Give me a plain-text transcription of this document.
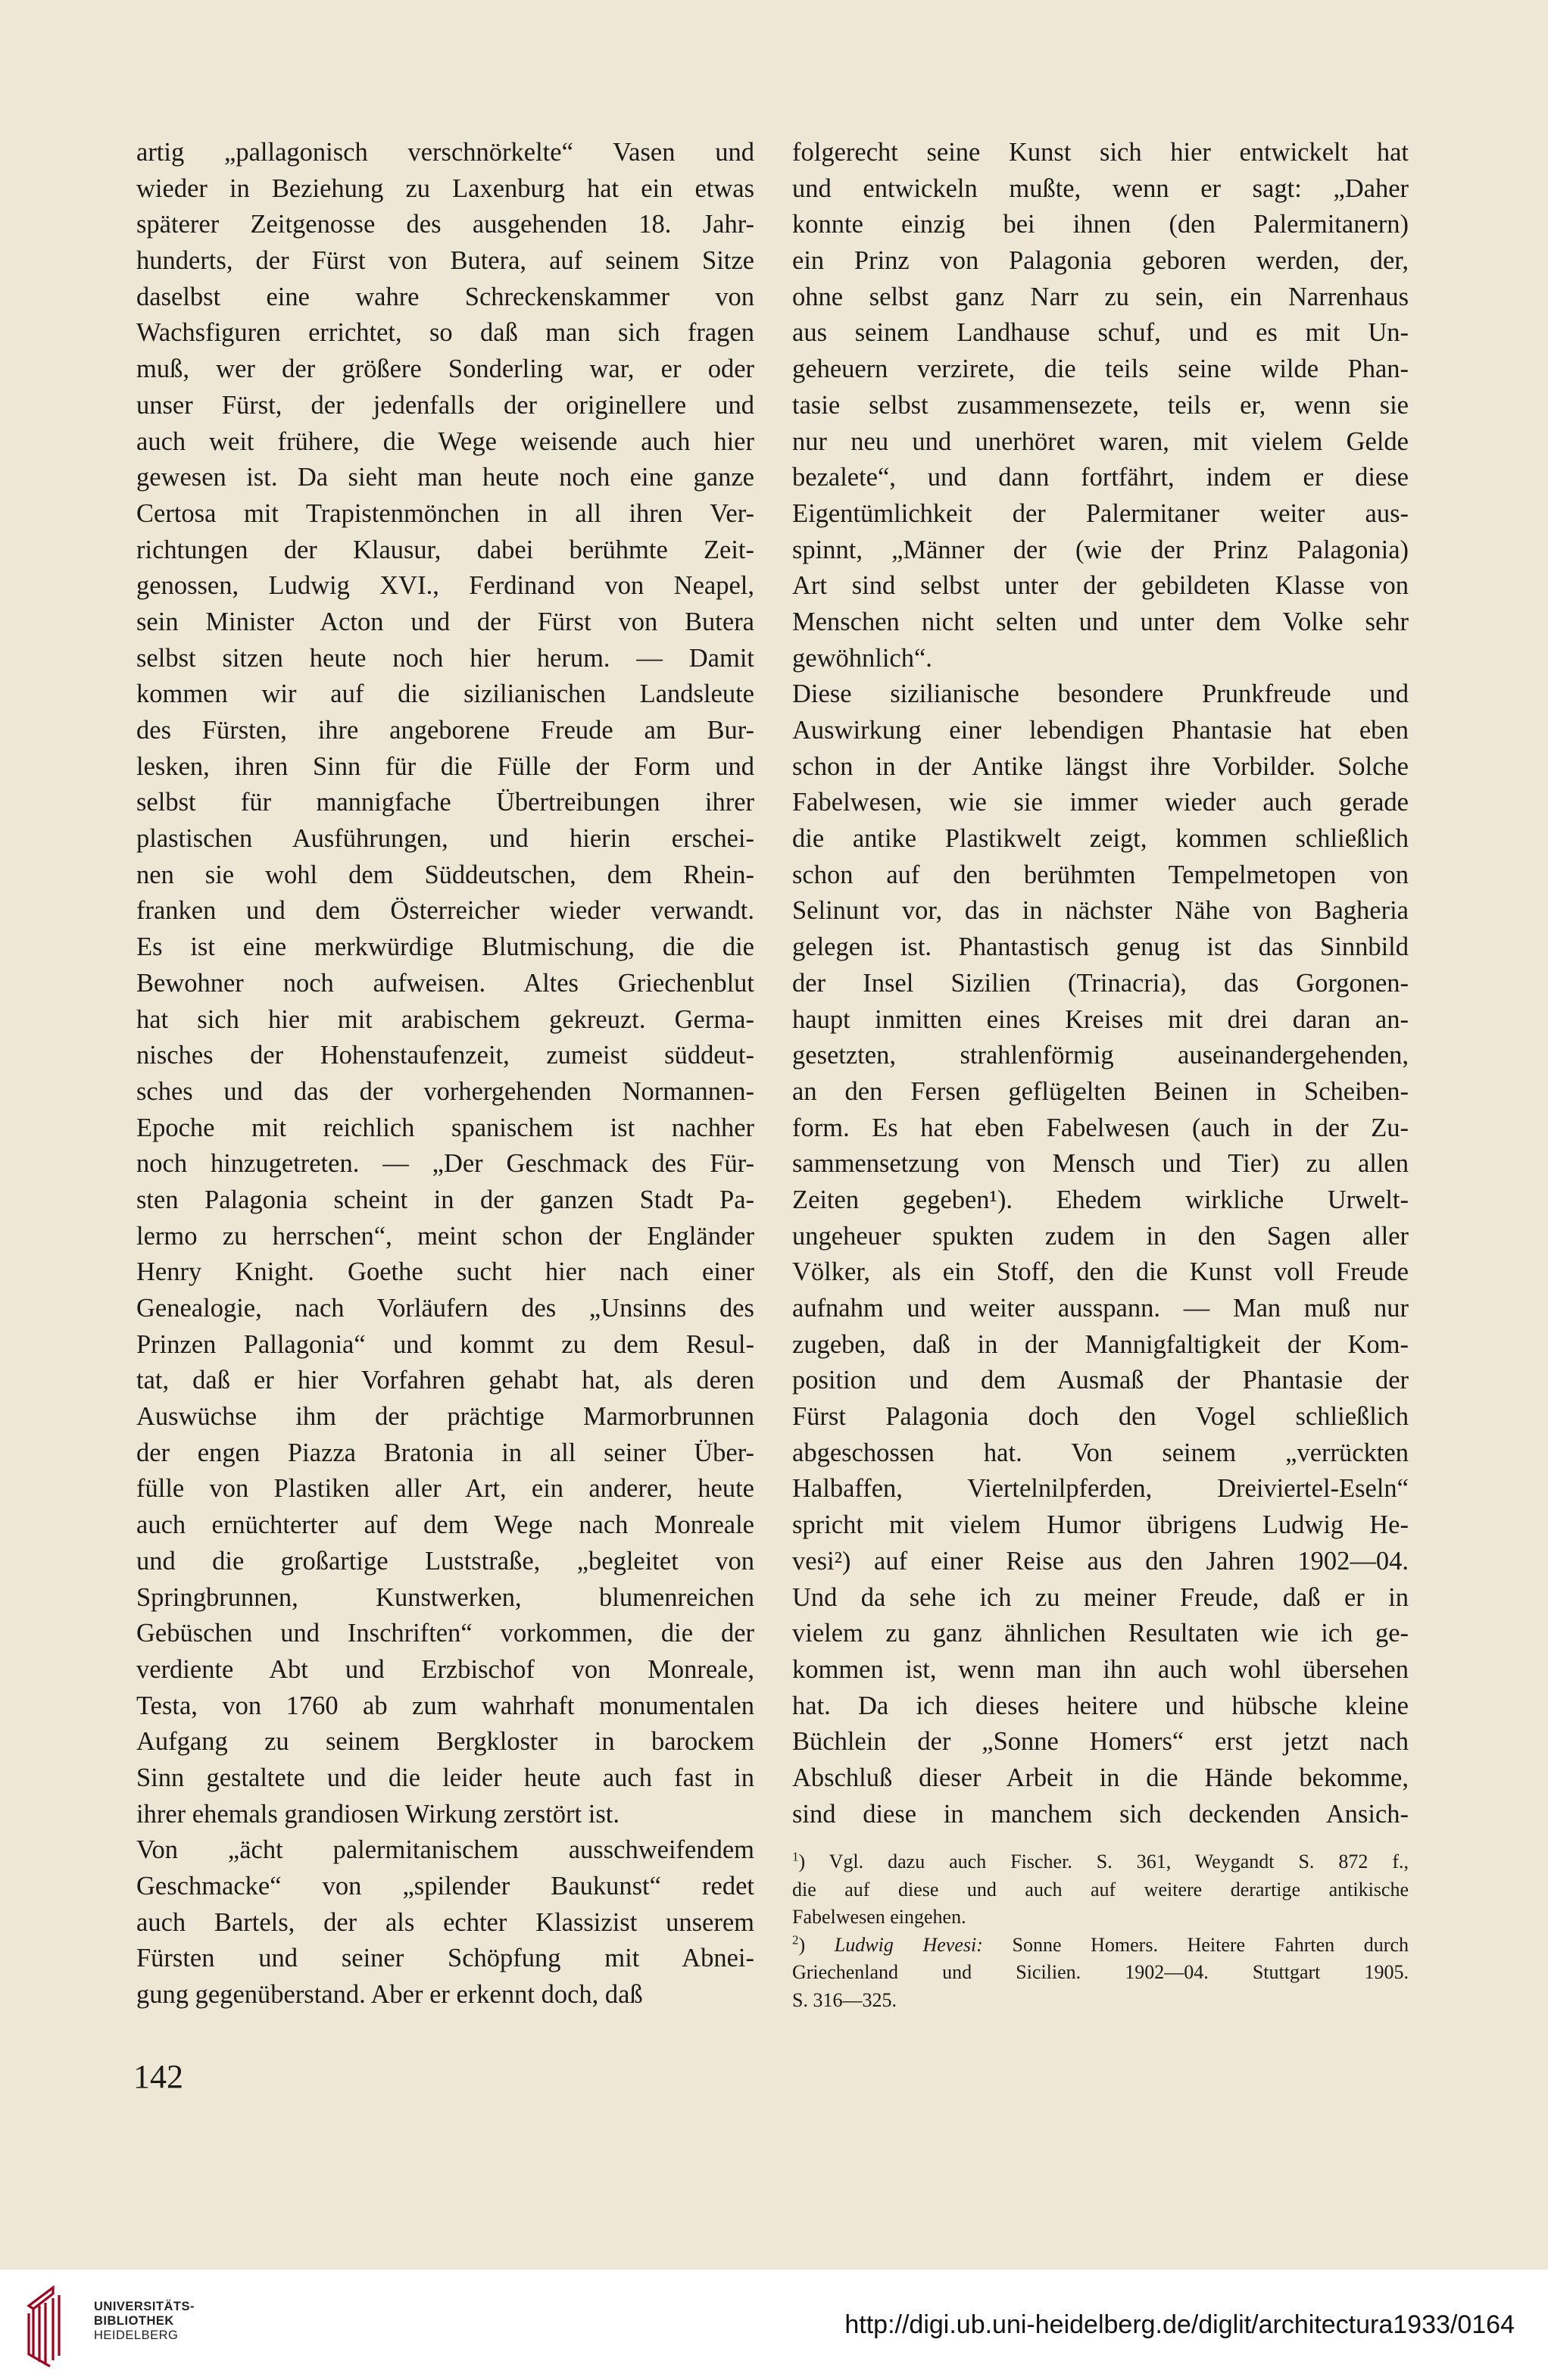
artig „pallagonisch verschnörkelte“ Vasen und
wieder in Beziehung zu Laxenburg hat ein etwas
späterer Zeitgenosse des ausgehenden 18. Jahr-
hunderts, der Fürst von Butera, auf seinem Sitze
daselbst eine wahre Schreckenskammer von
Wachsfiguren errichtet, so daß man sich fragen
muß, wer der größere Sonderling war, er oder
unser Fürst, der jedenfalls der originellere und
auch weit frühere, die Wege weisende auch hier
gewesen ist. Da sieht man heute noch eine ganze
Certosa mit Trapistenmönchen in all ihren Ver-
richtungen der Klausur, dabei berühmte Zeit-
genossen, Ludwig XVI., Ferdinand von Neapel,
sein Minister Acton und der Fürst von Butera
selbst sitzen heute noch hier herum. — Damit
kommen wir auf die sizilianischen Landsleute
des Fürsten, ihre angeborene Freude am Bur-
lesken, ihren Sinn für die Fülle der Form und
selbst für mannigfache Übertreibungen ihrer
plastischen Ausführungen, und hierin erschei-
nen sie wohl dem Süddeutschen, dem Rhein-
franken und dem Österreicher wieder verwandt.
Es ist eine merkwürdige Blutmischung, die die
Bewohner noch aufweisen. Altes Griechenblut
hat sich hier mit arabischem gekreuzt. Germa-
nisches der Hohenstaufenzeit, zumeist süddeut-
sches und das der vorhergehenden Normannen-
Epoche mit reichlich spanischem ist nachher
noch hinzugetreten. — „Der Geschmack des Für-
sten Palagonia scheint in der ganzen Stadt Pa-
lermo zu herrschen“, meint schon der Engländer
Henry Knight. Goethe sucht hier nach einer
Genealogie, nach Vorläufern des „Unsinns des
Prinzen Pallagonia“ und kommt zu dem Resul-
tat, daß er hier Vorfahren gehabt hat, als deren
Auswüchse ihm der prächtige Marmorbrunnen
der engen Piazza Bratonia in all seiner Über-
fülle von Plastiken aller Art, ein anderer, heute
auch ernüchterter auf dem Wege nach Monreale
und die großartige Luststraße, „begleitet von
Springbrunnen, Kunstwerken, blumenreichen
Gebüschen und Inschriften“ vorkommen, die der
verdiente Abt und Erzbischof von Monreale,
Testa, von 1760 ab zum wahrhaft monumentalen
Aufgang zu seinem Bergkloster in barockem
Sinn gestaltete und die leider heute auch fast in
ihrer ehemals grandiosen Wirkung zerstört ist.
Von „ächt palermitanischem ausschweifendem
Geschmacke“ von „spilender Baukunst“ redet
auch Bartels, der als echter Klassizist unserem
Fürsten und seiner Schöpfung mit Abnei-
gung gegenüberstand. Aber er erkennt doch, daß
folgerecht seine Kunst sich hier entwickelt hat
und entwickeln mußte, wenn er sagt: „Daher
konnte einzig bei ihnen (den Palermitanern)
ein Prinz von Palagonia geboren werden, der,
ohne selbst ganz Narr zu sein, ein Narrenhaus
aus seinem Landhause schuf, und es mit Un-
geheuern verzirete, die teils seine wilde Phan-
tasie selbst zusammensezete, teils er, wenn sie
nur neu und unerhöret waren, mit vielem Gelde
bezalete“, und dann fortfährt, indem er diese
Eigentümlichkeit der Palermitaner weiter aus-
spinnt, „Männer der (wie der Prinz Palagonia)
Art sind selbst unter der gebildeten Klasse von
Menschen nicht selten und unter dem Volke sehr
gewöhnlich“.
Diese sizilianische besondere Prunkfreude und
Auswirkung einer lebendigen Phantasie hat eben
schon in der Antike längst ihre Vorbilder. Solche
Fabelwesen, wie sie immer wieder auch gerade
die antike Plastikwelt zeigt, kommen schließlich
schon auf den berühmten Tempelmetopen von
Selinunt vor, das in nächster Nähe von Bagheria
gelegen ist. Phantastisch genug ist das Sinnbild
der Insel Sizilien (Trinacria), das Gorgonen-
haupt inmitten eines Kreises mit drei daran an-
gesetzten, strahlenförmig auseinandergehenden,
an den Fersen geflügelten Beinen in Scheiben-
form. Es hat eben Fabelwesen (auch in der Zu-
sammensetzung von Mensch und Tier) zu allen
Zeiten gegeben¹). Ehedem wirkliche Urwelt-
ungeheuer spukten zudem in den Sagen aller
Völker, als ein Stoff, den die Kunst voll Freude
aufnahm und weiter ausspann. — Man muß nur
zugeben, daß in der Mannigfaltigkeit der Kom-
position und dem Ausmaß der Phantasie der
Fürst Palagonia doch den Vogel schließlich
abgeschossen hat. Von seinem „verrückten
Halbaffen, Viertelnilpferden, Dreiviertel-Eseln“
spricht mit vielem Humor übrigens Ludwig He-
vesi²) auf einer Reise aus den Jahren 1902—04.
Und da sehe ich zu meiner Freude, daß er in
vielem zu ganz ähnlichen Resultaten wie ich ge-
kommen ist, wenn man ihn auch wohl übersehen
hat. Da ich dieses heitere und hübsche kleine
Büchlein der „Sonne Homers“ erst jetzt nach
Abschluß dieser Arbeit in die Hände bekomme,
sind diese in manchem sich deckenden Ansich-
$^1$) Vgl. dazu auch Fischer. S. 361, Weygandt S. 872 f.,
die auf diese und auch auf weitere derartige antikische
Fabelwesen eingehen.
$^2$) Ludwig Hevesi: Sonne Homers. Heitere Fahrten durch
Griechenland und Sicilien. 1902—04. Stuttgart 1905.
S. 316—325.
142
UNIVERSITÄTS-
BIBLIOTHEK
HEIDELBERG	http://digi.ub.uni-heidelberg.de/diglit/architectura1933/0164
